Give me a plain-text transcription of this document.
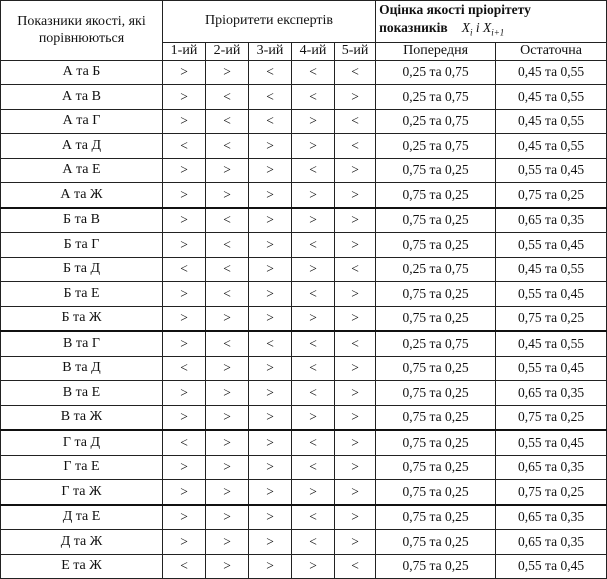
Показники якості, які порівнюються	Пріоритети експертів					Оцінка якості пріорітету
показників $X_i$ і $X_{i+1}$
	1-ий	2-ий	3-ий	4-ий	5-ий	Попередня	Остаточна
А та Б	>	>	<	<	<	0,25 та 0,75	0,45 та 0,55
А та В	>	<	<	<	>	0,25 та 0,75	0,45 та 0,55
А та Г	>	<	<	>	<	0,25 та 0,75	0,45 та 0,55
А та Д	<	<	>	>	<	0,25 та 0,75	0,45 та 0,55
А та Е	>	>	>	<	>	0,75 та 0,25	0,55 та 0,45
А та Ж	>	>	>	>	>	0,75 та 0,25	0,75 та 0,25
Б та В	>	<	>	>	>	0,75 та 0,25	0,65 та 0,35
Б та Г	>	<	>	<	>	0,75 та 0,25	0,55 та 0,45
Б та Д	<	<	>	>	<	0,25 та 0,75	0,45 та 0,55
Б та Е	>	<	>	<	>	0,75 та 0,25	0,55 та 0,45
Б та Ж	>	>	>	>	>	0,75 та 0,25	0,75 та 0,25
В та Г	>	<	<	<	<	0,25 та 0,75	0,45 та 0,55
В та Д	<	>	>	<	>	0,75 та 0,25	0,55 та 0,45
В та Е	>	>	>	<	>	0,75 та 0,25	0,65 та 0,35
В та Ж	>	>	>	>	>	0,75 та 0,25	0,75 та 0,25
Г та Д	<	>	>	<	>	0,75 та 0,25	0,55 та 0,45
Г та Е	>	>	>	<	>	0,75 та 0,25	0,65 та 0,35
Г та Ж	>	>	>	>	>	0,75 та 0,25	0,75 та 0,25
Д та Е	>	>	>	<	>	0,75 та 0,25	0,65 та 0,35
Д та Ж	>	>	>	<	>	0,75 та 0,25	0,65 та 0,35
Е та Ж	<	>	>	>	<	0,75 та 0,25	0,55 та 0,45
